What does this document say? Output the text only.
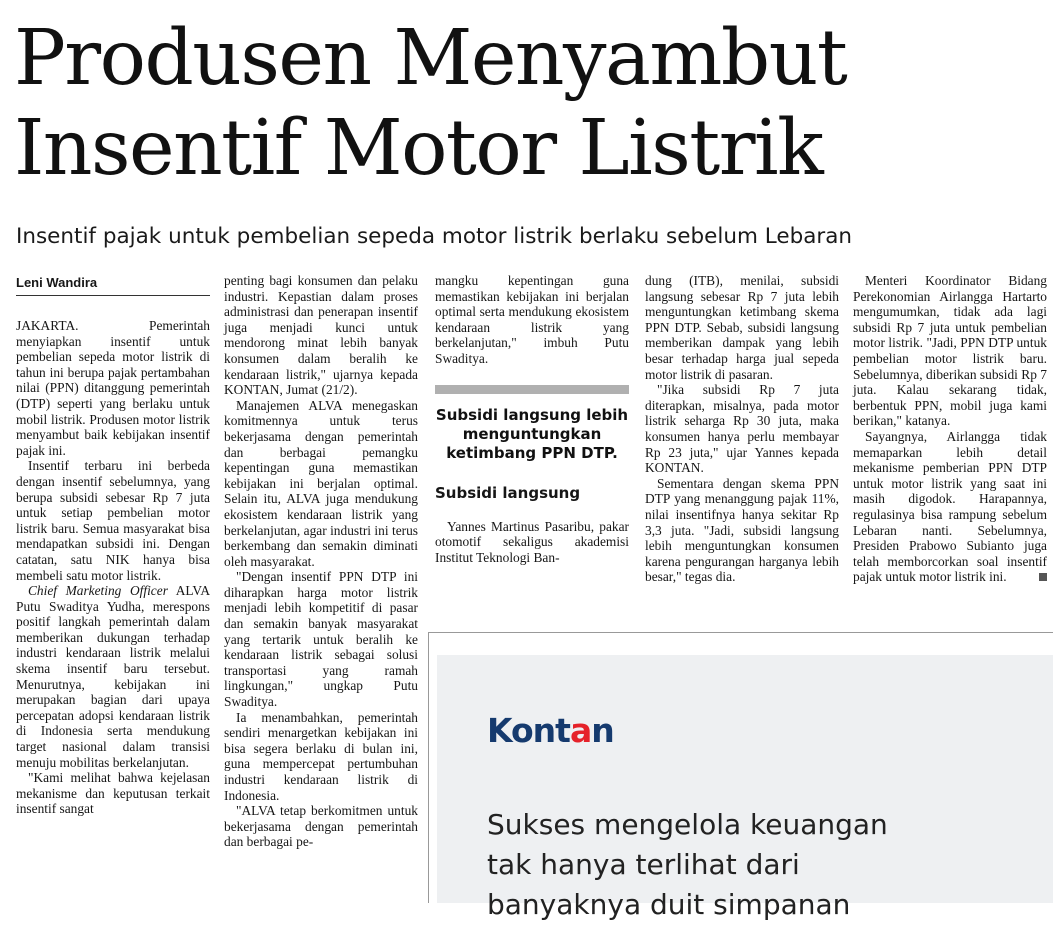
Produsen Menyambut
Insentif Motor Listrik
Insentif pajak untuk pembelian sepeda motor listrik berlaku sebelum Lebaran
Leni Wandira

JAKARTA.	Pemerintah menyiapkan insentif untuk pembelian sepeda motor listrik di tahun ini berupa pajak pertambahan nilai (PPN) ditanggung pemerintah (DTP) seperti yang berlaku untuk mobil listrik. Produsen motor listrik menyambut baik kebijakan insentif pajak ini.

Insentif terbaru ini berbeda dengan insentif sebelumnya, yang berupa subsidi sebesar Rp 7 juta untuk setiap pembelian motor listrik baru. Semua masyarakat bisa mendapatkan subsidi ini. Dengan catatan, satu NIK hanya bisa membeli satu motor listrik.

Chief Marketing Officer ALVA Putu Swaditya Yudha, merespons positif langkah pemerintah dalam memberikan dukungan terhadap industri kendaraan listrik melalui skema insentif baru tersebut. Menurutnya, kebijakan ini merupakan bagian dari upaya percepatan adopsi kendaraan listrik di Indonesia serta mendukung target nasional dalam transisi menuju mobilitas berkelanjutan.

"Kami melihat bahwa kejelasan mekanisme dan keputusan terkait insentif sangat

penting bagi konsumen dan pelaku industri. Kepastian dalam proses administrasi dan penerapan insentif juga menjadi kunci untuk mendorong minat lebih banyak konsumen dalam beralih ke kendaraan listrik," ujarnya kepada KONTAN, Jumat (21/2).

Manajemen ALVA menegaskan komitmennya untuk terus bekerjasama dengan pemerintah dan berbagai pemangku kepentingan guna memastikan kebijakan ini berjalan optimal. Selain itu, ALVA juga mendukung ekosistem kendaraan listrik yang berkelanjutan, agar industri ini terus berkembang dan semakin diminati oleh masyarakat.

"Dengan insentif PPN DTP ini diharapkan harga motor listrik menjadi lebih kompetitif di pasar dan semakin banyak masyarakat yang tertarik untuk beralih ke kendaraan listrik sebagai solusi transportasi yang ramah lingkungan," ungkap Putu Swaditya.

Ia menambahkan, pemerintah sendiri menargetkan kebijakan ini bisa segera berlaku di bulan ini, guna mempercepat pertumbuhan industri kendaraan listrik di Indonesia.

"ALVA tetap berkomitmen untuk bekerjasama dengan pemerintah dan berbagai pe-

mangku kepentingan guna memastikan kebijakan ini berjalan optimal serta mendukung ekosistem kendaraan listrik yang berkelanjutan," imbuh Putu Swaditya.

Subsidi langsung lebih menguntungkan ketimbang PPN DTP.
Subsidi langsung

Yannes Martinus Pasaribu, pakar otomotif sekaligus akademisi Institut Teknologi Ban-

dung (ITB), menilai, subsidi langsung sebesar Rp 7 juta lebih menguntungkan ketimbang skema PPN DTP. Sebab, subsidi langsung memberikan dampak yang lebih besar terhadap harga jual sepeda motor listrik di pasaran.

"Jika subsidi Rp 7 juta diterapkan, misalnya, pada motor listrik seharga Rp 30 juta, maka konsumen hanya perlu membayar Rp 23 juta," ujar Yannes kepada KONTAN.

Sementara dengan skema PPN DTP yang menanggung pajak 11%, nilai insentifnya hanya sekitar Rp 3,3 juta. "Jadi, subsidi langsung lebih menguntungkan konsumen karena pengurangan harganya lebih besar," tegas dia.

Menteri Koordinator Bidang Perekonomian Airlangga Hartarto mengumumkan, tidak ada lagi subsidi Rp 7 juta untuk pembelian motor listrik. "Jadi, PPN DTP untuk pembelian motor listrik baru. Sebelumnya, diberikan subsidi Rp 7 juta. Kalau sekarang tidak, berbentuk PPN, mobil juga kami berikan," katanya.

Sayangnya, Airlangga tidak memaparkan lebih detail mekanisme pemberian PPN DTP untuk motor listrik yang saat ini masih digodok. Harapannya, regulasinya bisa rampung sebelum Lebaran nanti. Sebelumnya, Presiden Prabowo Subianto juga telah memborcorkan soal insentif pajak untuk motor listrik ini.

Kontan
Sukses mengelola keuangan
tak hanya terlihat dari
banyaknya duit simpanan
